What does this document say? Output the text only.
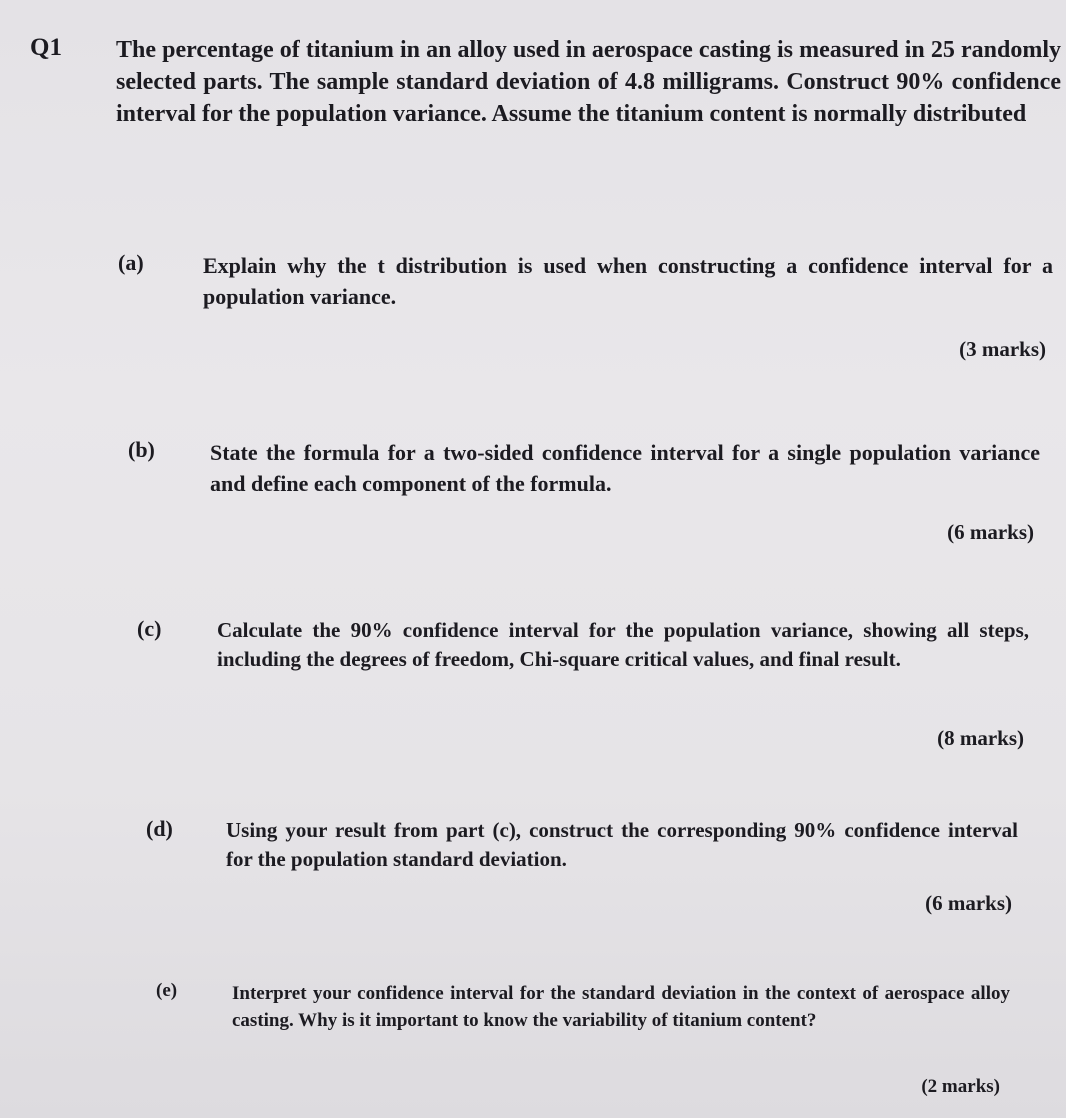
Q1 The percentage of titanium in an alloy used in aerospace casting is measured in 25 randomly selected parts. The sample standard deviation of 4.8 milligrams. Construct 90% confidence interval for the population variance. Assume the titanium content is normally distributed
(a)	Explain why the t distribution is used when constructing a confidence interval for a population variance.
(3 marks)
(b)	State the formula for a two-sided confidence interval for a single population variance and define each component of the formula.
(6 marks)
(c)	Calculate the 90% confidence interval for the population variance, showing all steps, including the degrees of freedom, Chi-square critical values, and final result.
(8 marks)
(d)	Using your result from part (c), construct the corresponding 90% confidence interval for the population standard deviation.
(6 marks)
(e)	Interpret your confidence interval for the standard deviation in the context of aerospace alloy casting. Why is it important to know the variability of titanium content?
(2 marks)
